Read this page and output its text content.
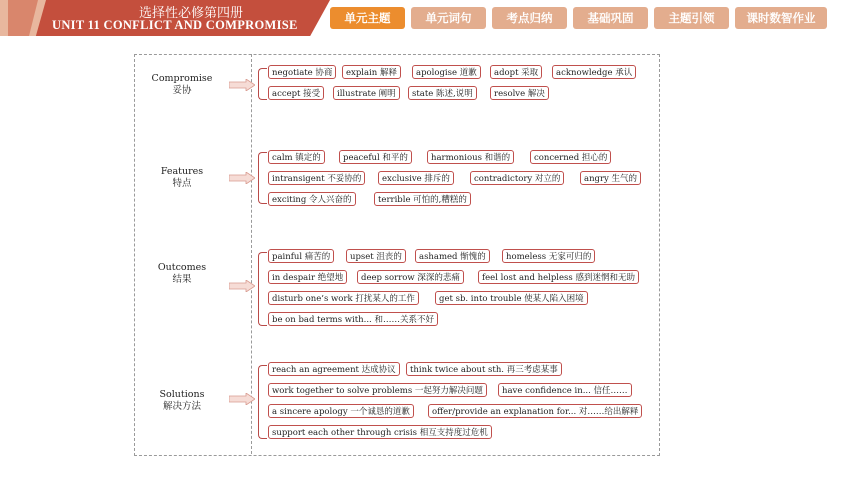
选择性必修第四册
UNIT 11 CONFLICT AND COMPROMISE	单元主题	单元词句	考点归纳	基础巩固	主题引领	课时数智作业
Compromise
妥协
negotiate 协商	explain 解释	apologise 道歉	adopt 采取	acknowledge 承认
accept 接受	illustrate 阐明	state 陈述,说明	resolve 解决
Features
特点
calm 镇定的	peaceful 和平的	harmonious 和谐的	concerned 担心的
intransigent 不妥协的	exclusive 排斥的	contradictory 对立的	angry 生气的
exciting 令人兴奋的	terrible 可怕的,糟糕的
Outcomes
结果
painful 痛苦的	upset 沮丧的	ashamed 惭愧的	homeless 无家可归的
in despair 绝望地	deep sorrow 深深的悲痛	feel lost and helpless 感到迷惘和无助
disturb one’s work 打扰某人的工作	get sb. into trouble 使某人陷入困境
be on bad terms with... 和……关系不好
Solutions
解决方法
reach an agreement 达成协议	think twice about sth. 再三考虑某事
work together to solve problems 一起努力解决问题	have confidence in... 信任……
a sincere apology 一个诚恳的道歉	offer/provide an explanation for... 对……给出解释
support each other through crisis 相互支持度过危机
